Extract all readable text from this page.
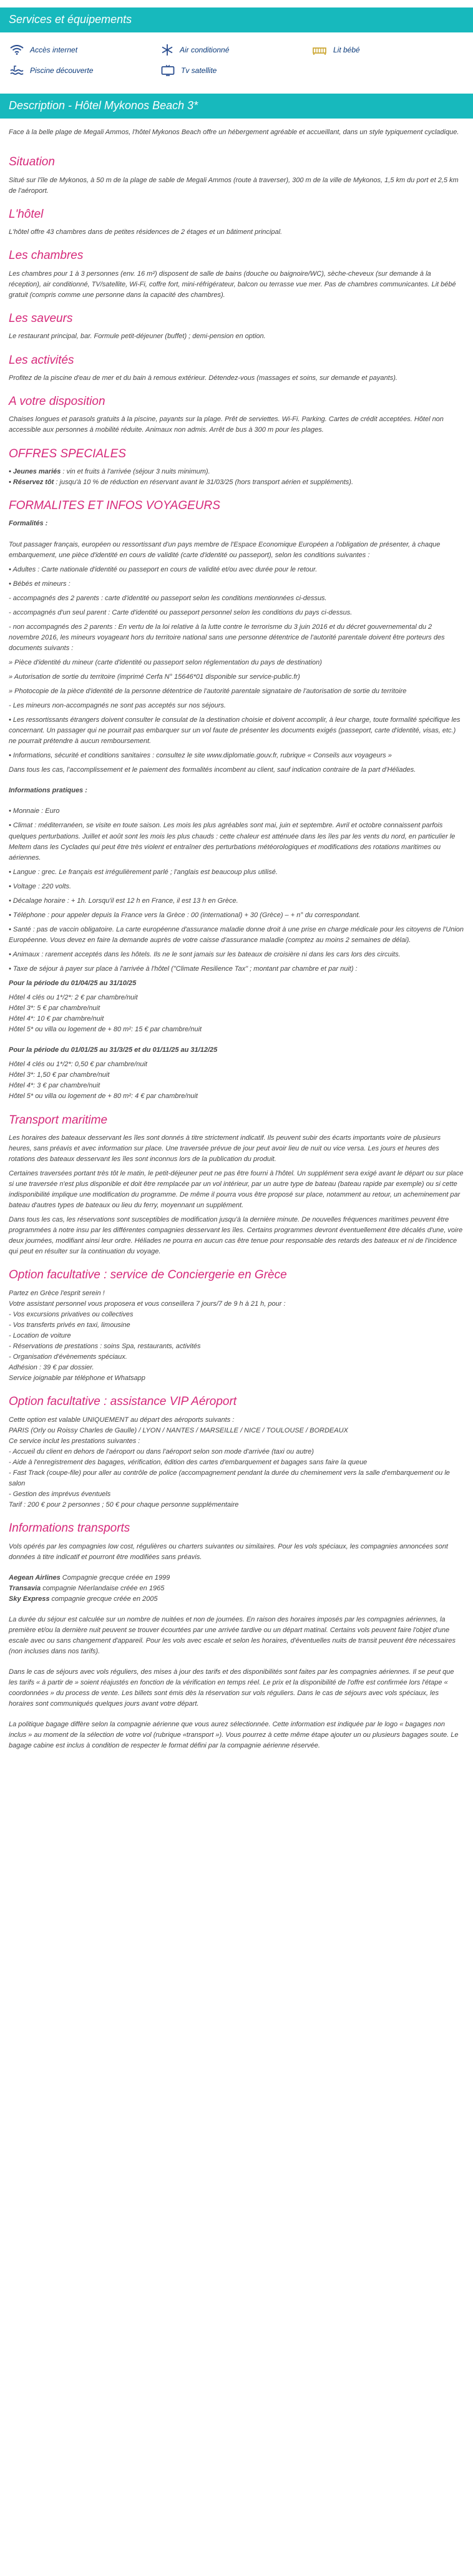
Services et équipements
Accès internet	Air conditionné	Lit bébé
Piscine découverte	Tv satellite
Description - Hôtel Mykonos Beach 3*

Face à la belle plage de Megali Ammos, l'hôtel Mykonos Beach offre un hébergement agréable et accueillant, dans un style typiquement cycladique.

Situation

Situé sur l'île de Mykonos, à 50 m de la plage de sable de Megali Ammos (route à traverser), 300 m de la ville de Mykonos, 1,5 km du port et 2,5 km de l'aéroport.

L'hôtel

L'hôtel offre 43 chambres dans de petites résidences de 2 étages et un bâtiment principal.

Les chambres

Les chambres pour 1 à 3 personnes (env. 16 m²) disposent de salle de bains (douche ou baignoire/WC), sèche-cheveux (sur demande à la réception), air conditionné, TV/satellite, Wi-Fi, coffre fort, mini-réfrigérateur, balcon ou terrasse vue mer. Pas de chambres communicantes. Lit bébé gratuit (compris comme une personne dans la capacité des chambres).

Les saveurs

Le restaurant principal, bar. Formule petit-déjeuner (buffet) ; demi-pension en option.

Les activités

Profitez de la piscine d'eau de mer et du bain à remous extérieur. Détendez-vous (massages et soins, sur demande et payants).

A votre disposition

Chaises longues et parasols gratuits à la piscine, payants sur la plage. Prêt de serviettes. Wi-Fi. Parking. Cartes de crédit acceptées. Hôtel non accessible aux personnes à mobilité réduite. Animaux non admis. Arrêt de bus à 300 m pour les plages.

OFFRES SPECIALES
• Jeunes mariés : vin et fruits à l'arrivée (séjour 3 nuits minimum).
• Réservez tôt : jusqu'à 10 % de réduction en réservant avant le 31/03/25 (hors transport aérien et suppléments).
FORMALITES ET INFOS VOYAGEURS

Formalités :

Tout passager français, européen ou ressortissant d'un pays membre de l'Espace Economique Européen a l'obligation de présenter, à chaque embarquement, une pièce d'identité en cours de validité (carte d'identité ou passeport), selon les conditions suivantes :

• Adultes : Carte nationale d'identité ou passeport en cours de validité et/ou avec durée pour le retour.

• Bébés et mineurs :

- accompagnés des 2 parents : carte d'identité ou passeport selon les conditions mentionnées ci-dessus.

- accompagnés d'un seul parent : Carte d'identité ou passeport personnel selon les conditions du pays ci-dessus.

- non accompagnés des 2 parents : En vertu de la loi relative à la lutte contre le terrorisme du 3 juin 2016 et du décret gouvernemental du 2 novembre 2016, les mineurs voyageant hors du territoire national sans une personne détentrice de l'autorité parentale doivent être porteurs des documents suivants :

» Pièce d'identité du mineur (carte d'identité ou passeport selon réglementation du pays de destination)

» Autorisation de sortie du territoire (imprimé Cerfa N° 15646*01 disponible sur service-public.fr)

» Photocopie de la pièce d'identité de la personne détentrice de l'autorité parentale signataire de l'autorisation de sortie du territoire

- Les mineurs non-accompagnés ne sont pas acceptés sur nos séjours.

• Les ressortissants étrangers doivent consulter le consulat de la destination choisie et doivent accomplir, à leur charge, toute formalité spécifique les concernant. Un passager qui ne pourrait pas embarquer sur un vol faute de présenter les documents exigés (passeport, carte d'identité, visas, etc.) ne pourrait prétendre à aucun remboursement.

• Informations, sécurité et conditions sanitaires : consultez le site www.diplomatie.gouv.fr, rubrique « Conseils aux voyageurs »

Dans tous les cas, l'accomplissement et le paiement des formalités incombent au client, sauf indication contraire de la part d'Héliades.

Informations pratiques :

• Monnaie : Euro

• Climat : méditerranéen, se visite en toute saison. Les mois les plus agréables sont mai, juin et septembre. Avril et octobre connaissent parfois quelques perturbations. Juillet et août sont les mois les plus chauds : cette chaleur est atténuée dans les îles par les vents du nord, en particulier le Meltem dans les Cyclades qui peut être très violent et entraîner des perturbations météorologiques et modifications des rotations maritimes ou aériennes.

• Langue : grec. Le français est irrégulièrement parlé ; l'anglais est beaucoup plus utilisé.

• Voltage : 220 volts.

• Décalage horaire : + 1h. Lorsqu'il est 12 h en France, il est 13 h en Grèce.

• Téléphone : pour appeler depuis la France vers la Grèce : 00 (international) + 30 (Grèce) – + n° du correspondant.

• Santé : pas de vaccin obligatoire. La carte européenne d'assurance maladie donne droit à une prise en charge médicale pour les citoyens de l'Union Européenne. Vous devez en faire la demande auprès de votre caisse d'assurance maladie (comptez au moins 2 semaines de délai).

• Animaux : rarement acceptés dans les hôtels. Ils ne le sont jamais sur les bateaux de croisière ni dans les cars lors des circuits.

• Taxe de séjour à payer sur place à l'arrivée à l'hôtel ("Climate Resilience Tax" ; montant par chambre et par nuit) :

Pour la période du 01/04/25 au 31/10/25

Hôtel 4 clés ou 1*/2*: 2 € par chambre/nuit
Hôtel 3*: 5 € par chambre/nuit
Hôtel 4*: 10 € par chambre/nuit
Hôtel 5* ou villa ou logement de + 80 m²: 15 € par chambre/nuit

Pour la période du 01/01/25 au 31/3/25 et du 01/11/25 au 31/12/25

Hôtel 4 clés ou 1*/2*: 0,50 € par chambre/nuit
Hôtel 3*: 1,50 € par chambre/nuit
Hôtel 4*: 3 € par chambre/nuit
Hôtel 5* ou villa ou logement de + 80 m²: 4 € par chambre/nuit
Transport maritime

Les horaires des bateaux desservant les îles sont donnés à titre strictement indicatif. Ils peuvent subir des écarts importants voire de plusieurs heures, sans préavis et avec information sur place. Une traversée prévue de jour peut avoir lieu de nuit ou vice versa. Les jours et heures des rotations des bateaux desservant les îles sont inconnus lors de la publication du produit.

Certaines traversées portant très tôt le matin, le petit-déjeuner peut ne pas être fourni à l'hôtel. Un supplément sera exigé avant le départ ou sur place si une traversée n'est plus disponible et doit être remplacée par un vol intérieur, par un autre type de bateau (bateau rapide par exemple) ou si cette indisponibilité implique une modification du programme. De même il pourra vous être proposé sur place, notamment au retour, un acheminement par bateau d'autres types de bateaux ou lieu du ferry, moyennant un supplément.

Dans tous les cas, les réservations sont susceptibles de modification jusqu'à la dernière minute. De nouvelles fréquences maritimes peuvent être programmées à notre insu par les différentes compagnies desservant les îles. Certains programmes devront éventuellement être décalés d'une, voire deux journées, modifiant ainsi leur ordre. Héliades ne pourra en aucun cas être tenue pour responsable des retards des bateaux et ni de l'incidence qui peut en résulter sur la continuation du voyage.

Option facultative : service de Conciergerie en Grèce
Partez en Grèce l'esprit serein !
Votre assistant personnel vous proposera et vous conseillera 7 jours/7 de 9 h à 21 h, pour :
- Vos excursions privatives ou collectives
- Vos transferts privés en taxi, limousine
- Location de voiture
- Réservations de prestations : soins Spa, restaurants, activités
- Organisation d'évènements spéciaux.
Adhésion : 39 € par dossier.
Service joignable par téléphone et Whatsapp
Option facultative : assistance VIP Aéroport
Cette option est valable UNIQUEMENT au départ des aéroports suivants :
PARIS (Orly ou Roissy Charles de Gaulle) / LYON / NANTES / MARSEILLE / NICE / TOULOUSE / BORDEAUX
Ce service inclut les prestations suivantes :
- Accueil du client en dehors de l'aéroport ou dans l'aéroport selon son mode d'arrivée (taxi ou autre)
- Aide à l'enregistrement des bagages, vérification, édition des cartes d'embarquement et bagages sans faire la queue
- Fast Track (coupe-file) pour aller au contrôle de police (accompagnement pendant la durée du cheminement vers la salle d'embarquement ou le salon
- Gestion des imprévus éventuels
Tarif : 200 € pour 2 personnes ; 50 € pour chaque personne supplémentaire
Informations transports

Vols opérés par les compagnies low cost, régulières ou charters suivantes ou similaires. Pour les vols spéciaux, les compagnies annoncées sont données à titre indicatif et pourront être modifiées sans préavis.

Aegean Airlines Compagnie grecque créée en 1999
Transavia compagnie Néerlandaise créée en 1965
Sky Express compagnie grecque créée en 2005

La durée du séjour est calculée sur un nombre de nuitées et non de journées. En raison des horaires imposés par les compagnies aériennes, la première et/ou la dernière nuit peuvent se trouver écourtées par une arrivée tardive ou un départ matinal. Certains vols peuvent faire l'objet d'une escale avec ou sans changement d'appareil. Pour les vols avec escale et selon les horaires, d'éventuelles nuits de transit peuvent être nécessaires (non incluses dans nos tarifs).

Dans le cas de séjours avec vols réguliers, des mises à jour des tarifs et des disponibilités sont faites par les compagnies aériennes. Il se peut que les tarifs « à partir de » soient réajustés en fonction de la vérification en temps réel. Le prix et la disponibilité de l'offre est confirmée lors l'étape « coordonnées » du process de vente. Les billets sont émis dès la réservation sur vols réguliers. Dans le cas de séjours avec vols spéciaux, les horaires sont communiqués quelques jours avant votre départ.

La politique bagage diffère selon la compagnie aérienne que vous aurez sélectionnée. Cette information est indiquée par le logo « bagages non inclus » au moment de la sélection de votre vol (rubrique «transport »). Vous pourrez à cette même étape ajouter un ou plusieurs bagages soute. Le bagage cabine est inclus à condition de respecter le format défini par la compagnie aérienne réservée.
